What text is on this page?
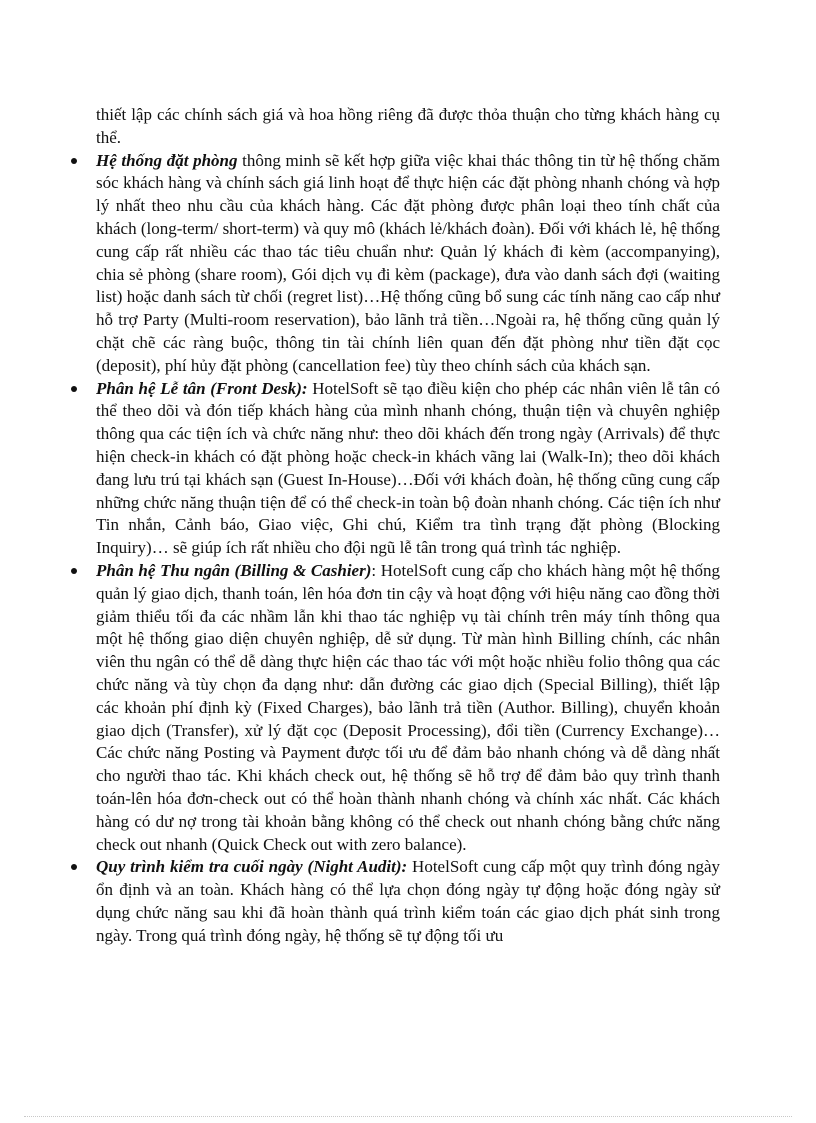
thiết lập các chính sách giá và hoa hồng riêng đã được thỏa thuận cho từng khách hàng cụ thể.

Hệ thống đặt phòng thông minh sẽ kết hợp giữa việc khai thác thông tin từ hệ thống chăm sóc khách hàng và chính sách giá linh hoạt để thực hiện các đặt phòng nhanh chóng và hợp lý nhất theo nhu cầu của khách hàng. Các đặt phòng được phân loại theo tính chất của khách (long-term/ short-term) và quy mô (khách lẻ/khách đoàn). Đối với khách lẻ, hệ thống cung cấp rất nhiều các thao tác tiêu chuẩn như: Quản lý khách đi kèm (accompanying), chia sẻ phòng (share room), Gói dịch vụ đi kèm (package), đưa vào danh sách đợi (waiting list) hoặc danh sách từ chối (regret list)…Hệ thống cũng bổ sung các tính năng cao cấp như hỗ trợ Party (Multi-room reservation), bảo lãnh trả tiền…Ngoài ra, hệ thống cũng quản lý chặt chẽ các ràng buộc, thông tin tài chính liên quan đến đặt phòng như tiền đặt cọc (deposit), phí hủy đặt phòng (cancellation fee) tùy theo chính sách của khách sạn.

Phân hệ Lễ tân (Front Desk): HotelSoft sẽ tạo điều kiện cho phép các nhân viên lễ tân có thể theo dõi và đón tiếp khách hàng của mình nhanh chóng, thuận tiện và chuyên nghiệp thông qua các tiện ích và chức năng như: theo dõi khách đến trong ngày (Arrivals) để thực hiện check-in khách có đặt phòng hoặc check-in khách vãng lai (Walk-In); theo dõi khách đang lưu trú tại khách sạn (Guest In-House)…Đối với khách đoàn, hệ thống cũng cung cấp những chức năng thuận tiện để có thể check-in toàn bộ đoàn nhanh chóng. Các tiện ích như Tin nhắn, Cảnh báo, Giao việc, Ghi chú, Kiểm tra tình trạng đặt phòng (Blocking Inquiry)… sẽ giúp ích rất nhiều cho đội ngũ lễ tân trong quá trình tác nghiệp.

Phân hệ Thu ngân (Billing & Cashier): HotelSoft cung cấp cho khách hàng một hệ thống quản lý giao dịch, thanh toán, lên hóa đơn tin cậy và hoạt động với hiệu năng cao đồng thời giảm thiểu tối đa các nhầm lẫn khi thao tác nghiệp vụ tài chính trên máy tính thông qua một hệ thống giao diện chuyên nghiệp, dễ sử dụng. Từ màn hình Billing chính, các nhân viên thu ngân có thể dễ dàng thực hiện các thao tác với một hoặc nhiều folio thông qua các chức năng và tùy chọn đa dạng như: dẫn đường các giao dịch (Special Billing), thiết lập các khoản phí định kỳ (Fixed Charges), bảo lãnh trả tiền (Author. Billing), chuyển khoản giao dịch (Transfer), xử lý đặt cọc (Deposit Processing), đổi tiền (Currency Exchange)…Các chức năng Posting và Payment được tối ưu để đảm bảo nhanh chóng và dễ dàng nhất cho người thao tác. Khi khách check out, hệ thống sẽ hỗ trợ để đảm bảo quy trình thanh toán-lên hóa đơn-check out có thể hoàn thành nhanh chóng và chính xác nhất. Các khách hàng có dư nợ trong tài khoản bằng không có thể check out nhanh chóng bằng chức năng check out nhanh (Quick Check out with zero balance).

Quy trình kiểm tra cuối ngày (Night Audit): HotelSoft cung cấp một quy trình đóng ngày ổn định và an toàn. Khách hàng có thể lựa chọn đóng ngày tự động hoặc đóng ngày sử dụng chức năng sau khi đã hoàn thành quá trình kiểm toán các giao dịch phát sinh trong ngày. Trong quá trình đóng ngày, hệ thống sẽ tự động tối ưu
